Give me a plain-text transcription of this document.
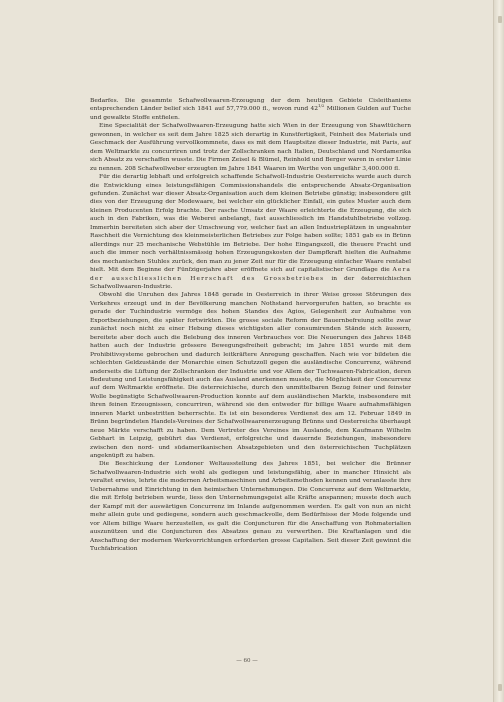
Bedarfes. Die gesammte Schafwollwaaren-Erzeugung der dem heutigen Gebiete Cisleithaniens entsprechenden Länder belief sich 1841 auf 57,779.000 fl., wovon rund $42^{1/2}$ Millionen Gulden auf Tuche und gewalkte Stoffe entfielen.

Eine Specialität der Schafwollwaaren-Erzeugung hatte sich Wien in der Erzeugung von Shawltüchern gewonnen, in welcher es seit dem Jahre 1825 sich derartig in Kunstfertigkeit, Feinheit des Materials und Geschmack der Ausführung vervollkommnete, dass es mit dem Hauptsitze dieser Industrie, mit Paris, auf dem Weltmarkte zu concurriren und trotz der Zollschranken nach Italien, Deutschland und Nordamerika sich Absatz zu verschaffen wusste. Die Firmen Zeisel & Blümel, Reinhold und Berger waren in erster Linie zu nennen. 208 Schafwollweber erzeugten im Jahre 1841 Waaren im Werthe von ungefähr 3,400.000 fl.

Für die derartig lebhaft und erfolgreich schaffende Schafwoll-Industrie Oesterreichs wurde auch durch die Entwicklung eines leistungsfähigen Commissionshandels die entsprechende Absatz-Organisation gefunden. Zunächst war dieser Absatz-Organisation auch dem kleinen Betriebe günstig; insbesondere gilt dies von der Erzeugung der Modewaare, bei welcher ein glücklicher Einfall, ein gutes Muster auch dem kleinen Producenten Erfolg brachte. Der rasche Umsatz der Waare erleichterte die Erzeugung, die sich auch in den Fabriken, was die Weberei anbelangt, fast ausschliesslich im Handstuhlbetriebe vollzog. Immerhin bereiteten sich aber der Umschwung vor, welcher fast an allen Industrieplätzen in ungeahnter Raschheit die Vernichtung des kleinmeisterlichen Betriebes zur Folge haben sollte; 1851 gab es in Brünn allerdings nur 25 mechanische Webstühle im Betriebe. Der hohe Eingangszoll, die theuere Fracht und auch die immer noch verhältnissmässig hohen Erzeugungskosten der Dampfkraft hielten die Aufnahme des mechanischen Stuhles zurück, den man zu jener Zeit nur für die Erzeugung einfacher Waare rentabel hielt. Mit dem Beginne der Fünfzigerjahre aber eröffnete sich auf capitalistischer Grundlage die Aera der ausschliesslichen Herrschaft des Grossbetriebes in der österreichischen Schafwollwaaren-Industrie.

Obwohl die Unruhen des Jahres 1848 gerade in Oesterreich in ihrer Weise grosse Störungen des Verkehres erzeugt und in der Bevölkerung manchen Nothstand hervorgerufen hatten, so brachte es gerade der Tuchindustrie vermöge des hohen Standes des Agios, Gelegenheit zur Aufnahme von Exportbeziehungen, die später fortwirkten. Die grosse sociale Reform der Bauernbefreiung sollte zwar zunächst noch nicht zu einer Hebung dieses wichtigsten aller consumirenden Stände sich äussern, bereitete aber doch auch die Belebung des inneren Verbrauches vor. Die Neuerungen des Jahres 1848 hatten auch der Industrie grössere Bewegungsfreiheit gebracht; im Jahre 1851 wurde mit dem Prohibitivsysteme gebrochen und dadurch leitkräftere Anregung geschaffen. Nach wie vor bildeten die schlechten Geldzustände der Monarchie einen Schutzzoll gegen die ausländische Concurrenz, während anderseits die Lüftung der Zollschranken der Industrie und vor Allem der Tuchwaaren-Fabrication, deren Bedeutung und Leistungsfähigkeit auch das Ausland anerkennen musste, die Möglichkeit der Concurrenz auf dem Weltmarkte eröffnete. Die österreichische, durch den unmittelbaren Bezug feiner und feinster Wolle begünstigte Schafwollwaaren-Production konnte auf dem ausländischen Markte, insbesondere mit ihren feinen Erzeugnissen, concurriren, während sie den entweder für billige Waare aufnahmsfähigen inneren Markt unbestritten beherrschte. Es ist ein besonderes Verdienst des am 12. Februar 1849 in Brünn begründeten Handels-Vereines der Schafwollwaarenerzeugung Brünns und Oesterreichs überhaupt neue Märkte verschafft zu haben. Dem Vertreter des Vereines im Auslande, dem Kaufmann Wilhelm Gebhart in Leipzig, gebührt das Verdienst, erfolgreiche und dauernde Beziehungen, insbesondere zwischen den nord- und südamerikanischen Absatzgebieten und den österreichischen Tuchplätzen angeknüpft zu haben.

Die Beschickung der Londoner Weltausstellung des Jahres 1851, bei welcher die Brünner Schafwollwaaren-Industrie sich wohl als gediegen und leistungsfähig, aber in mancher Hinsicht als veraltet erwies, lehrte die modernen Arbeitsmaschinen und Arbeitsmethoden kennen und veranlasste ihre Uebernahme und Einrichtung in den heimischen Unternehmungen. Die Concurrenz auf dem Weltmarkte, die mit Erfolg betrieben wurde, liess den Unternehmungsgeist alle Kräfte anspannen; musste doch auch der Kampf mit der auswärtigen Concurrenz im Inlande aufgenommen werden. Es galt von nun an nicht mehr allein gute und gediegene, sondern auch geschmackvolle, dem Bedürfnisse der Mode folgende und vor Allem billige Waare herzustellen, es galt die Conjuncturen für die Anschaffung von Rohmaterialien auszunützen und die Conjuncturen des Absatzes genau zu verwerthen. Die Kraftanlagen und die Anschaffung der modernen Werkvorrichtungen erforderten grosse Capitalien. Seit dieser Zeit gewinnt die Tuchfabrication

— 60 —
